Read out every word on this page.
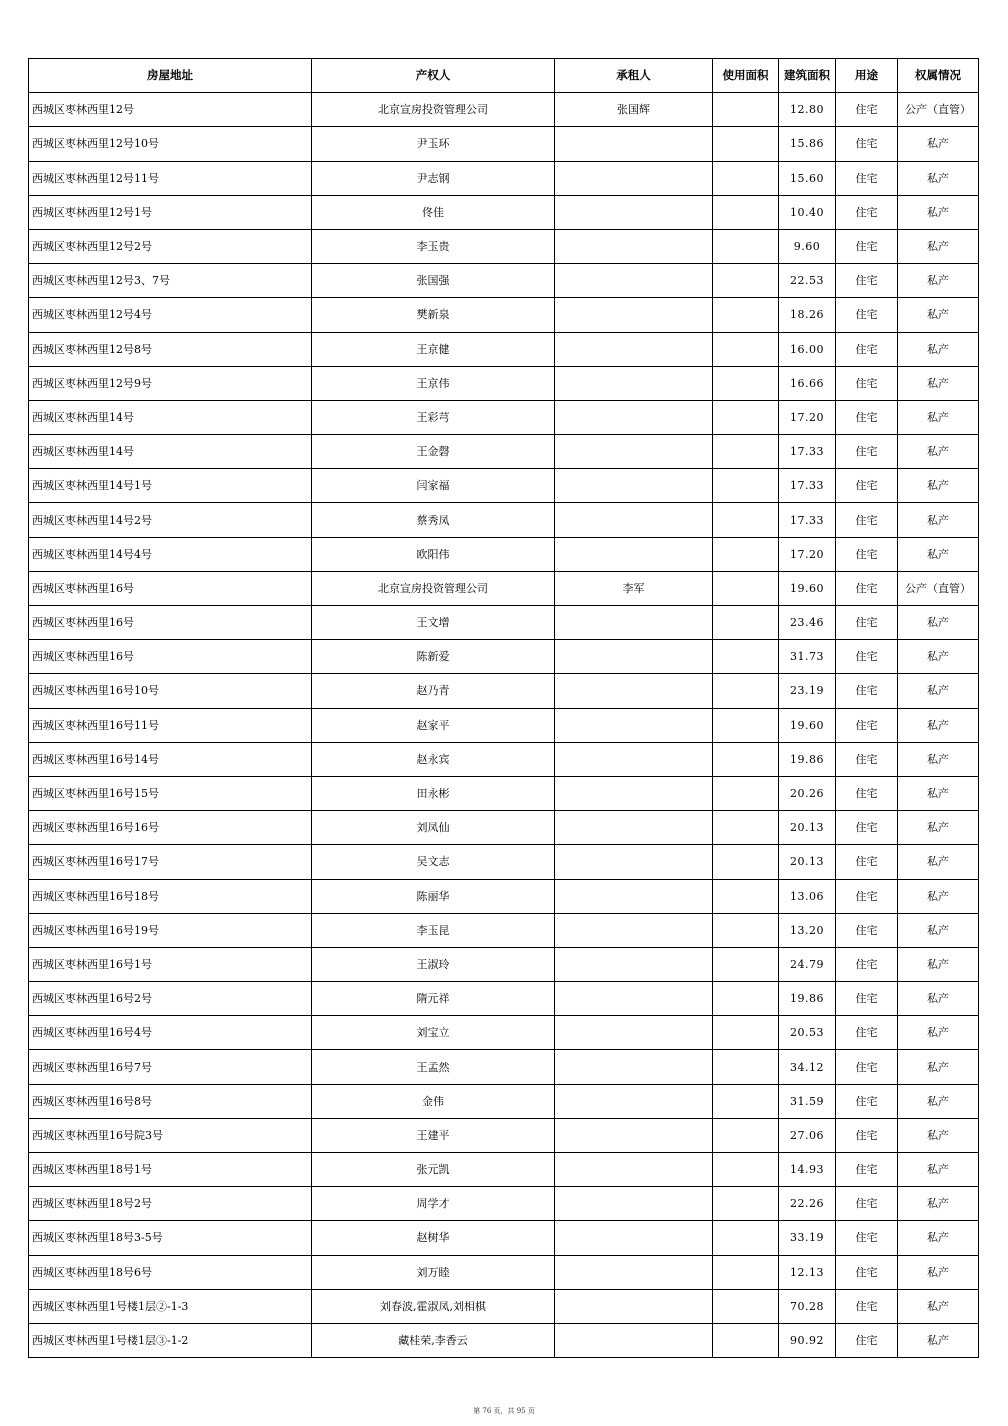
房屋地址	产权人	承租人	使用面积	建筑面积	用途	权属情况
西城区枣林西里12号	北京宣房投资管理公司	张国辉		12.80	住宅	公产（直管）
西城区枣林西里12号10号	尹玉环			15.86	住宅	私产
西城区枣林西里12号11号	尹志钢			15.60	住宅	私产
西城区枣林西里12号1号	佟佳			10.40	住宅	私产
西城区枣林西里12号2号	李玉贵			9.60	住宅	私产
西城区枣林西里12号3、7号	张国强			22.53	住宅	私产
西城区枣林西里12号4号	樊新泉			18.26	住宅	私产
西城区枣林西里12号8号	王京健			16.00	住宅	私产
西城区枣林西里12号9号	王京伟			16.66	住宅	私产
西城区枣林西里14号	王彩芎			17.20	住宅	私产
西城区枣林西里14号	王金磬			17.33	住宅	私产
西城区枣林西里14号1号	闫家福			17.33	住宅	私产
西城区枣林西里14号2号	蔡秀凤			17.33	住宅	私产
西城区枣林西里14号4号	欧阳伟			17.20	住宅	私产
西城区枣林西里16号	北京宣房投资管理公司	李军		19.60	住宅	公产（直管）
西城区枣林西里16号	王文增			23.46	住宅	私产
西城区枣林西里16号	陈新爱			31.73	住宅	私产
西城区枣林西里16号10号	赵乃青			23.19	住宅	私产
西城区枣林西里16号11号	赵家平			19.60	住宅	私产
西城区枣林西里16号14号	赵永宾			19.86	住宅	私产
西城区枣林西里16号15号	田永彬			20.26	住宅	私产
西城区枣林西里16号16号	刘凤仙			20.13	住宅	私产
西城区枣林西里16号17号	吴文志			20.13	住宅	私产
西城区枣林西里16号18号	陈丽华			13.06	住宅	私产
西城区枣林西里16号19号	李玉昆			13.20	住宅	私产
西城区枣林西里16号1号	王淑玲			24.79	住宅	私产
西城区枣林西里16号2号	隋元祥			19.86	住宅	私产
西城区枣林西里16号4号	刘宝立			20.53	住宅	私产
西城区枣林西里16号7号	王孟然			34.12	住宅	私产
西城区枣林西里16号8号	金伟			31.59	住宅	私产
西城区枣林西里16号院3号	王建平			27.06	住宅	私产
西城区枣林西里18号1号	张元凯			14.93	住宅	私产
西城区枣林西里18号2号	周学才			22.26	住宅	私产
西城区枣林西里18号3-5号	赵树华			33.19	住宅	私产
西城区枣林西里18号6号	刘万睦			12.13	住宅	私产
西城区枣林西里1号楼1层②-1-3	刘春波,霍淑凤,刘相棋			70.28	住宅	私产
西城区枣林西里1号楼1层③-1-2	藏桂荣,李香云			90.92	住宅	私产
第 76 页，共 95 页
